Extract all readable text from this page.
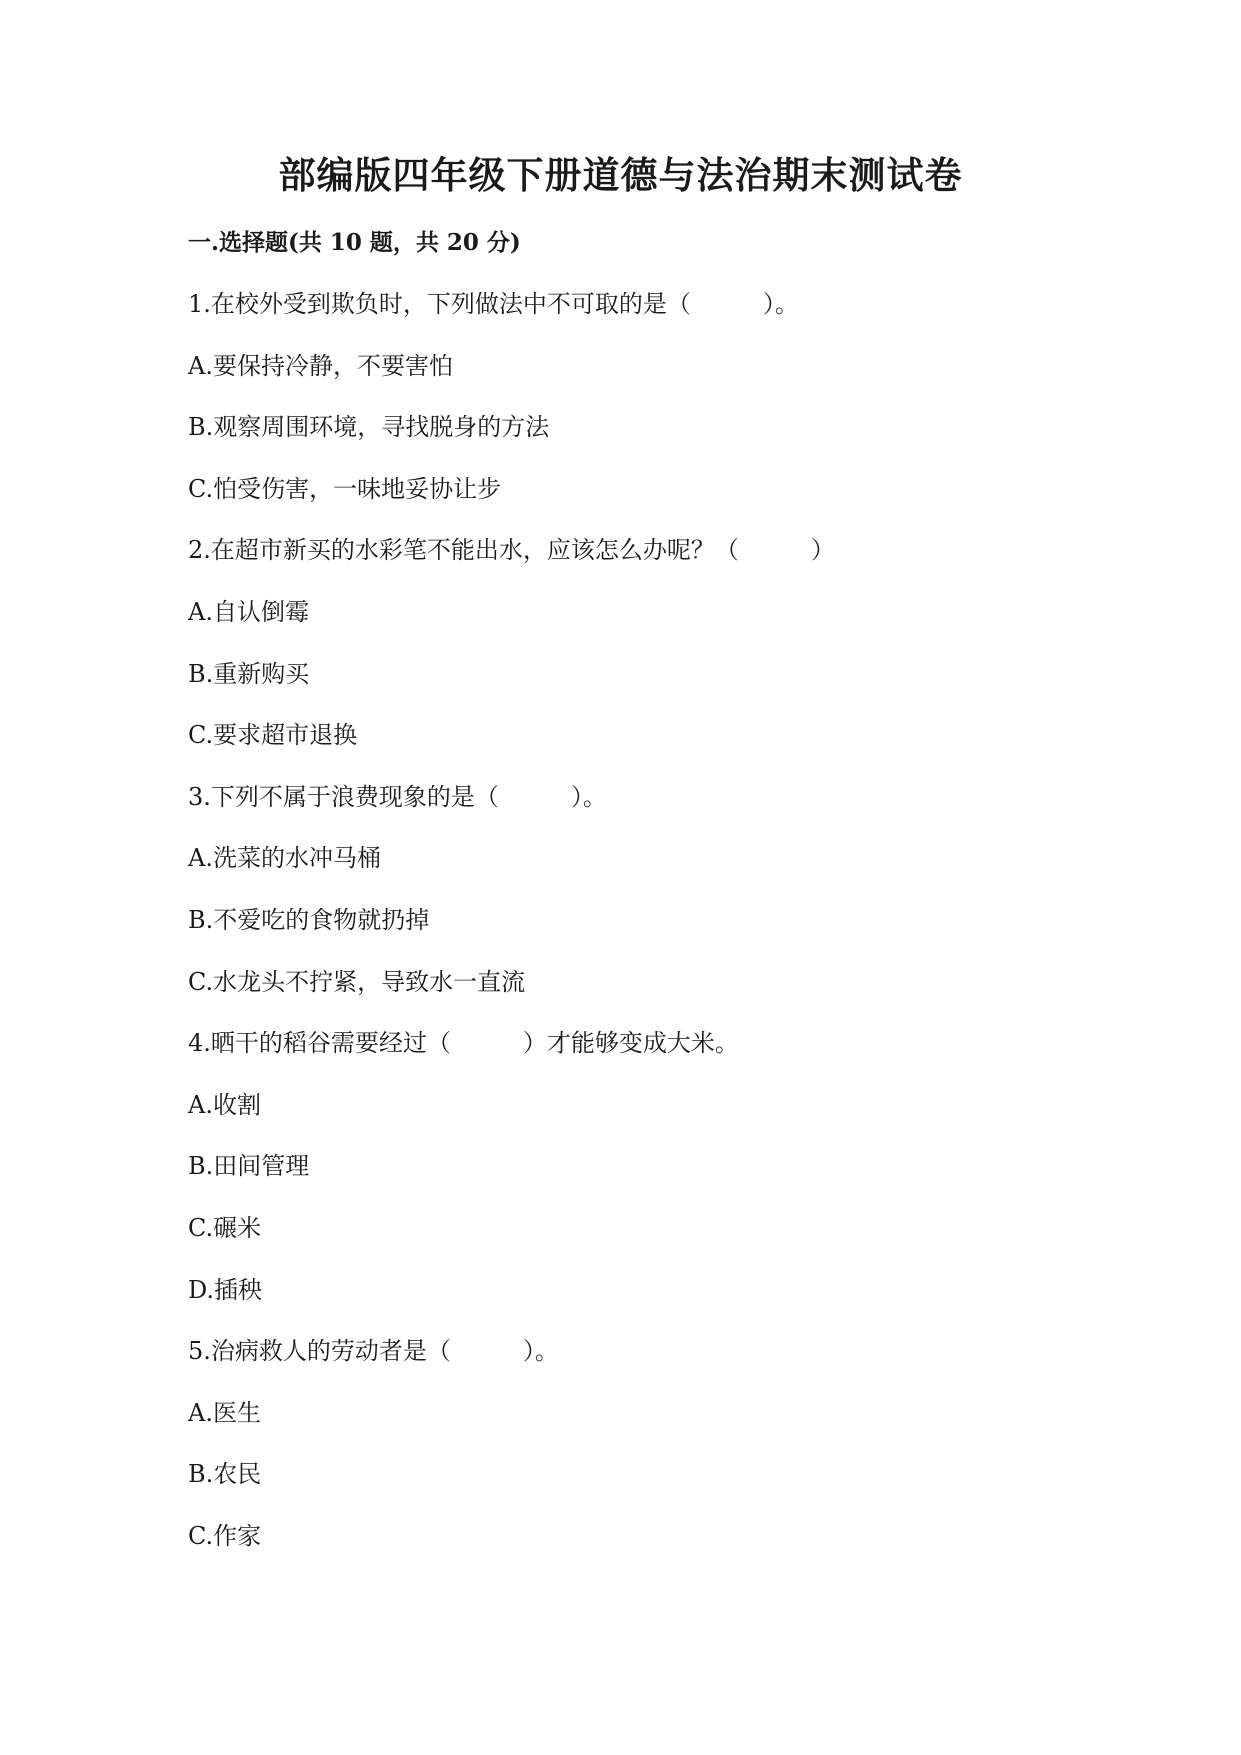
部编版四年级下册道德与法治期末测试卷
一.选择题(共 10 题，共 20 分)
1.在校外受到欺负时，下列做法中不可取的是（　　　）。
A.要保持冷静，不要害怕
B.观察周围环境，寻找脱身的方法
C.怕受伤害，一味地妥协让步
2.在超市新买的水彩笔不能出水，应该怎么办呢？（　　　）
A.自认倒霉
B.重新购买
C.要求超市退换
3.下列不属于浪费现象的是（　　　）。
A.洗菜的水冲马桶
B.不爱吃的食物就扔掉
C.水龙头不拧紧，导致水一直流
4.晒干的稻谷需要经过（　　　）才能够变成大米。
A.收割
B.田间管理
C.碾米
D.插秧
5.治病救人的劳动者是（　　　）。
A.医生
B.农民
C.作家
